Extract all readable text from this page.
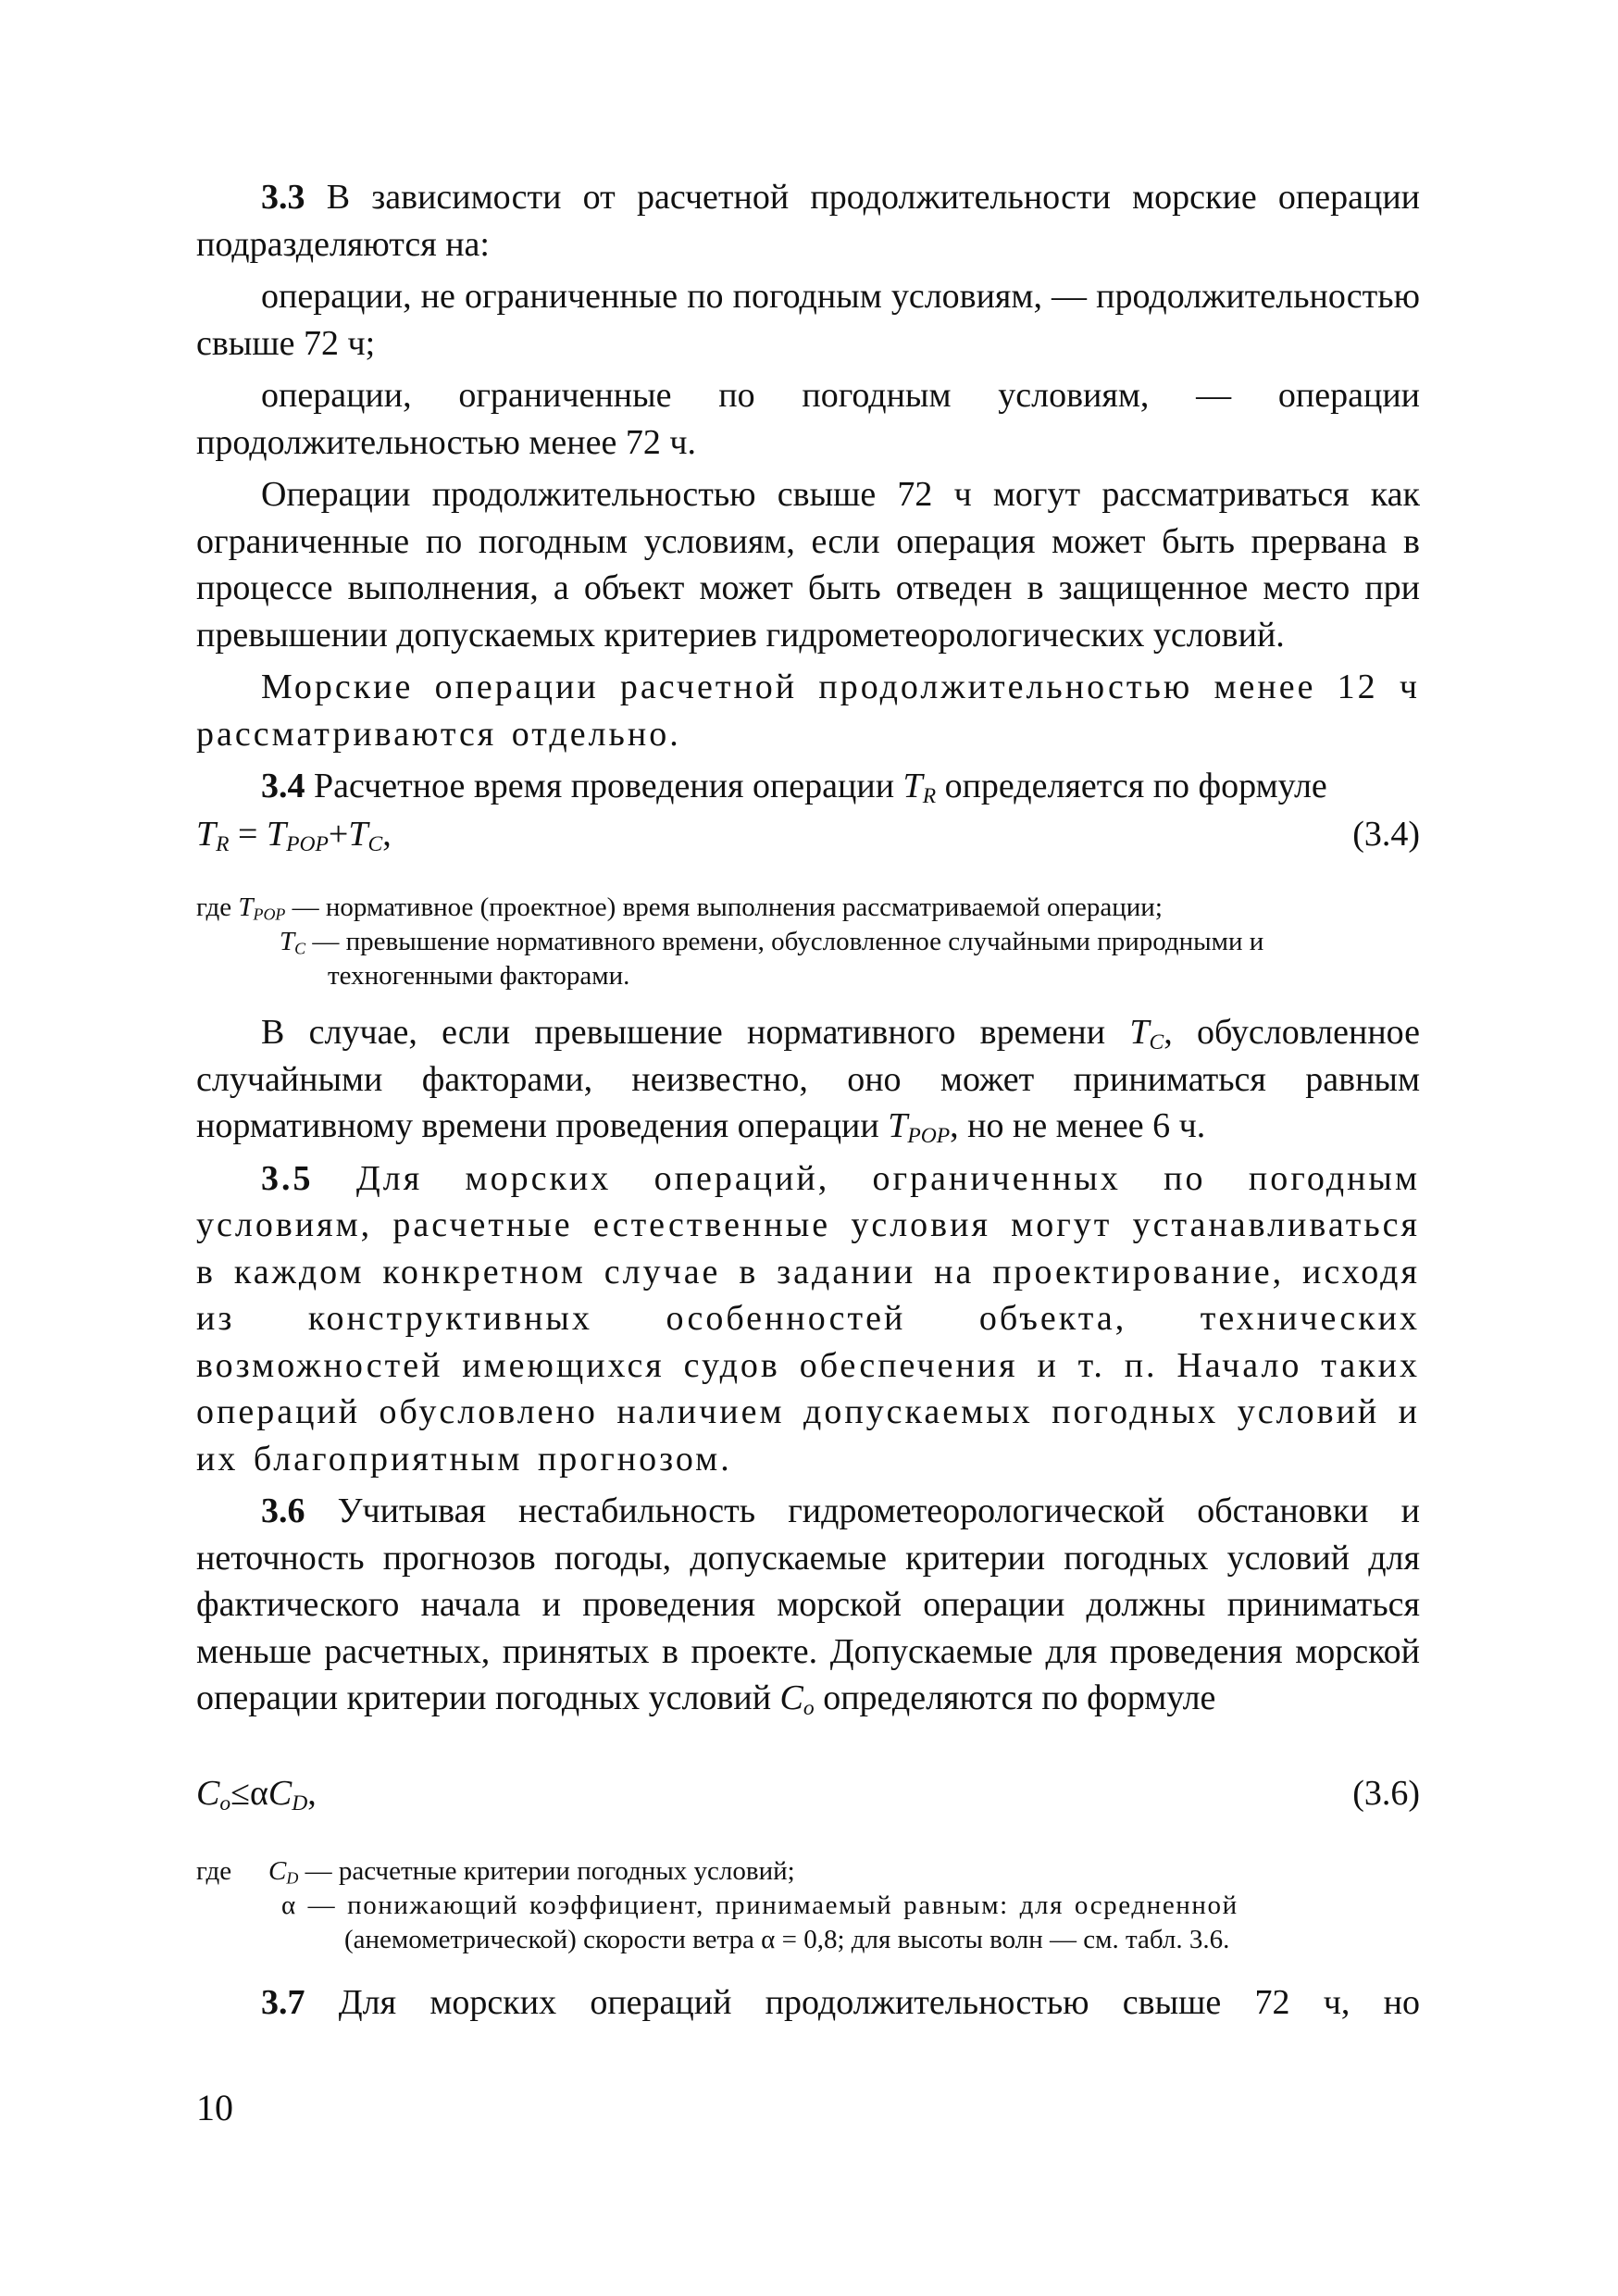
3.3 В зависимости от расчетной продолжительности морские операции подразделяются на:

операции, не ограниченные по погодным условиям, — продолжительностью свыше 72 ч;

операции, ограниченные по погодным условиям, — операции продолжительностью менее 72 ч.

Операции продолжительностью свыше 72 ч могут рассматриваться как ограниченные по погодным условиям, если операция может быть прервана в процессе выполнения, а объект может быть отведен в защищенное место при превышении допускаемых критериев гидрометеорологических условий.

Морские операции расчетной продолжительностью менее 12 ч рассматриваются отдельно.

3.4 Расчетное время проведения операции $T_R$ определяется по формуле

$T_R = T_{POP}+T_C$,	(3.4)
где $T_{POP}$ — нормативное (проектное) время выполнения рассматриваемой операции;
$T_C$ — превышение нормативного времени, обусловленное случайными природными и
техногенными факторами.

В случае, если превышение нормативного времени $T_C$, обусловленное случайными факторами, неизвестно, оно может приниматься равным нормативному времени проведения операции $T_{POP}$, но не менее 6 ч.

3.5 Для морских операций, ограниченных по погодным условиям, расчетные естественные условия могут устанавливаться в каждом конкретном случае в задании на проектирование, исходя из конструктивных особенностей объекта, технических возможностей имеющихся судов обеспечения и т. п. Начало таких операций обусловлено наличием допускаемых погодных условий и их благоприятным прогнозом.

3.6 Учитывая нестабильность гидрометеорологической обстановки и неточность прогнозов погоды, допускаемые критерии погодных условий для фактического начала и проведения морской операции должны приниматься меньше расчетных, принятых в проекте. Допускаемые для проведения морской операции критерии погодных условий $C_o$ определяются по формуле

$C_o\le\alpha C_D$,	(3.6)
где $C_D$ — расчетные критерии погодных условий;
α — понижающий коэффициент, принимаемый равным: для осредненной
(анемометрической) скорости ветра α = 0,8; для высоты волн — см. табл. 3.6.

3.7 Для морских операций продолжительностью свыше 72 ч, но

10
